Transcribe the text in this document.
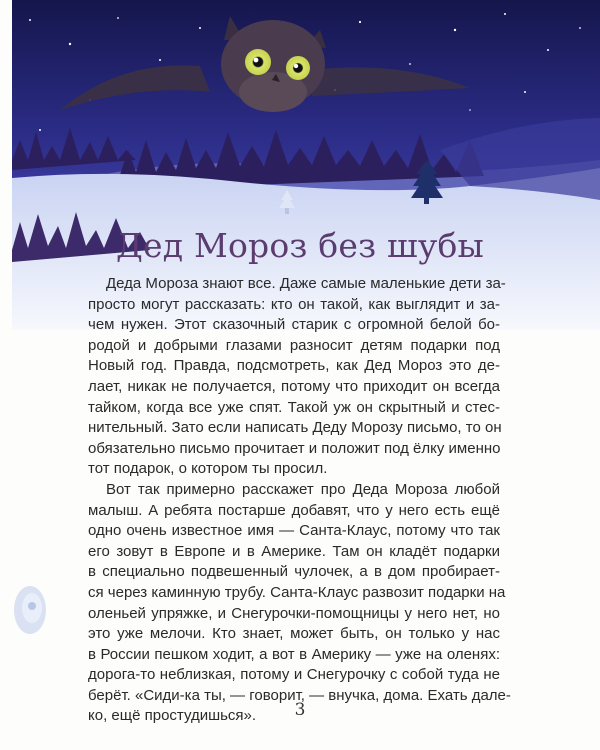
Дед Мороз без шубы
Деда Мороза знают все. Даже самые маленькие дети за-
просто могут рассказать: кто он такой, как выглядит и за-
чем нужен. Этот сказочный старик с огромной белой бо-
родой и добрыми глазами разносит детям подарки под
Новый год. Правда, подсмотреть, как Дед Мороз это де-
лает, никак не получается, потому что приходит он всегда
тайком, когда все уже спят. Такой уж он скрытный и стес-
нительный. Зато если написать Деду Морозу письмо, то он
обязательно письмо прочитает и положит под ёлку именно
тот подарок, о котором ты просил.
Вот так примерно расскажет про Деда Мороза любой
малыш. А ребята постарше добавят, что у него есть ещё
одно очень известное имя — Санта-Клаус, потому что так
его зовут в Европе и в Америке. Там он кладёт подарки
в специально подвешенный чулочек, а в дом пробирает-
ся через каминную трубу. Санта-Клаус развозит подарки на
оленьей упряжке, и Снегурочки-помощницы у него нет, но
это уже мелочи. Кто знает, может быть, он только у нас
в России пешком ходит, а вот в Америку — уже на оленях:
дорога-то неблизкая, потому и Снегурочку с собой туда не
берёт. «Сиди-ка ты, — говорит, — внучка, дома. Ехать дале-
ко, ещё простудишься».	3
